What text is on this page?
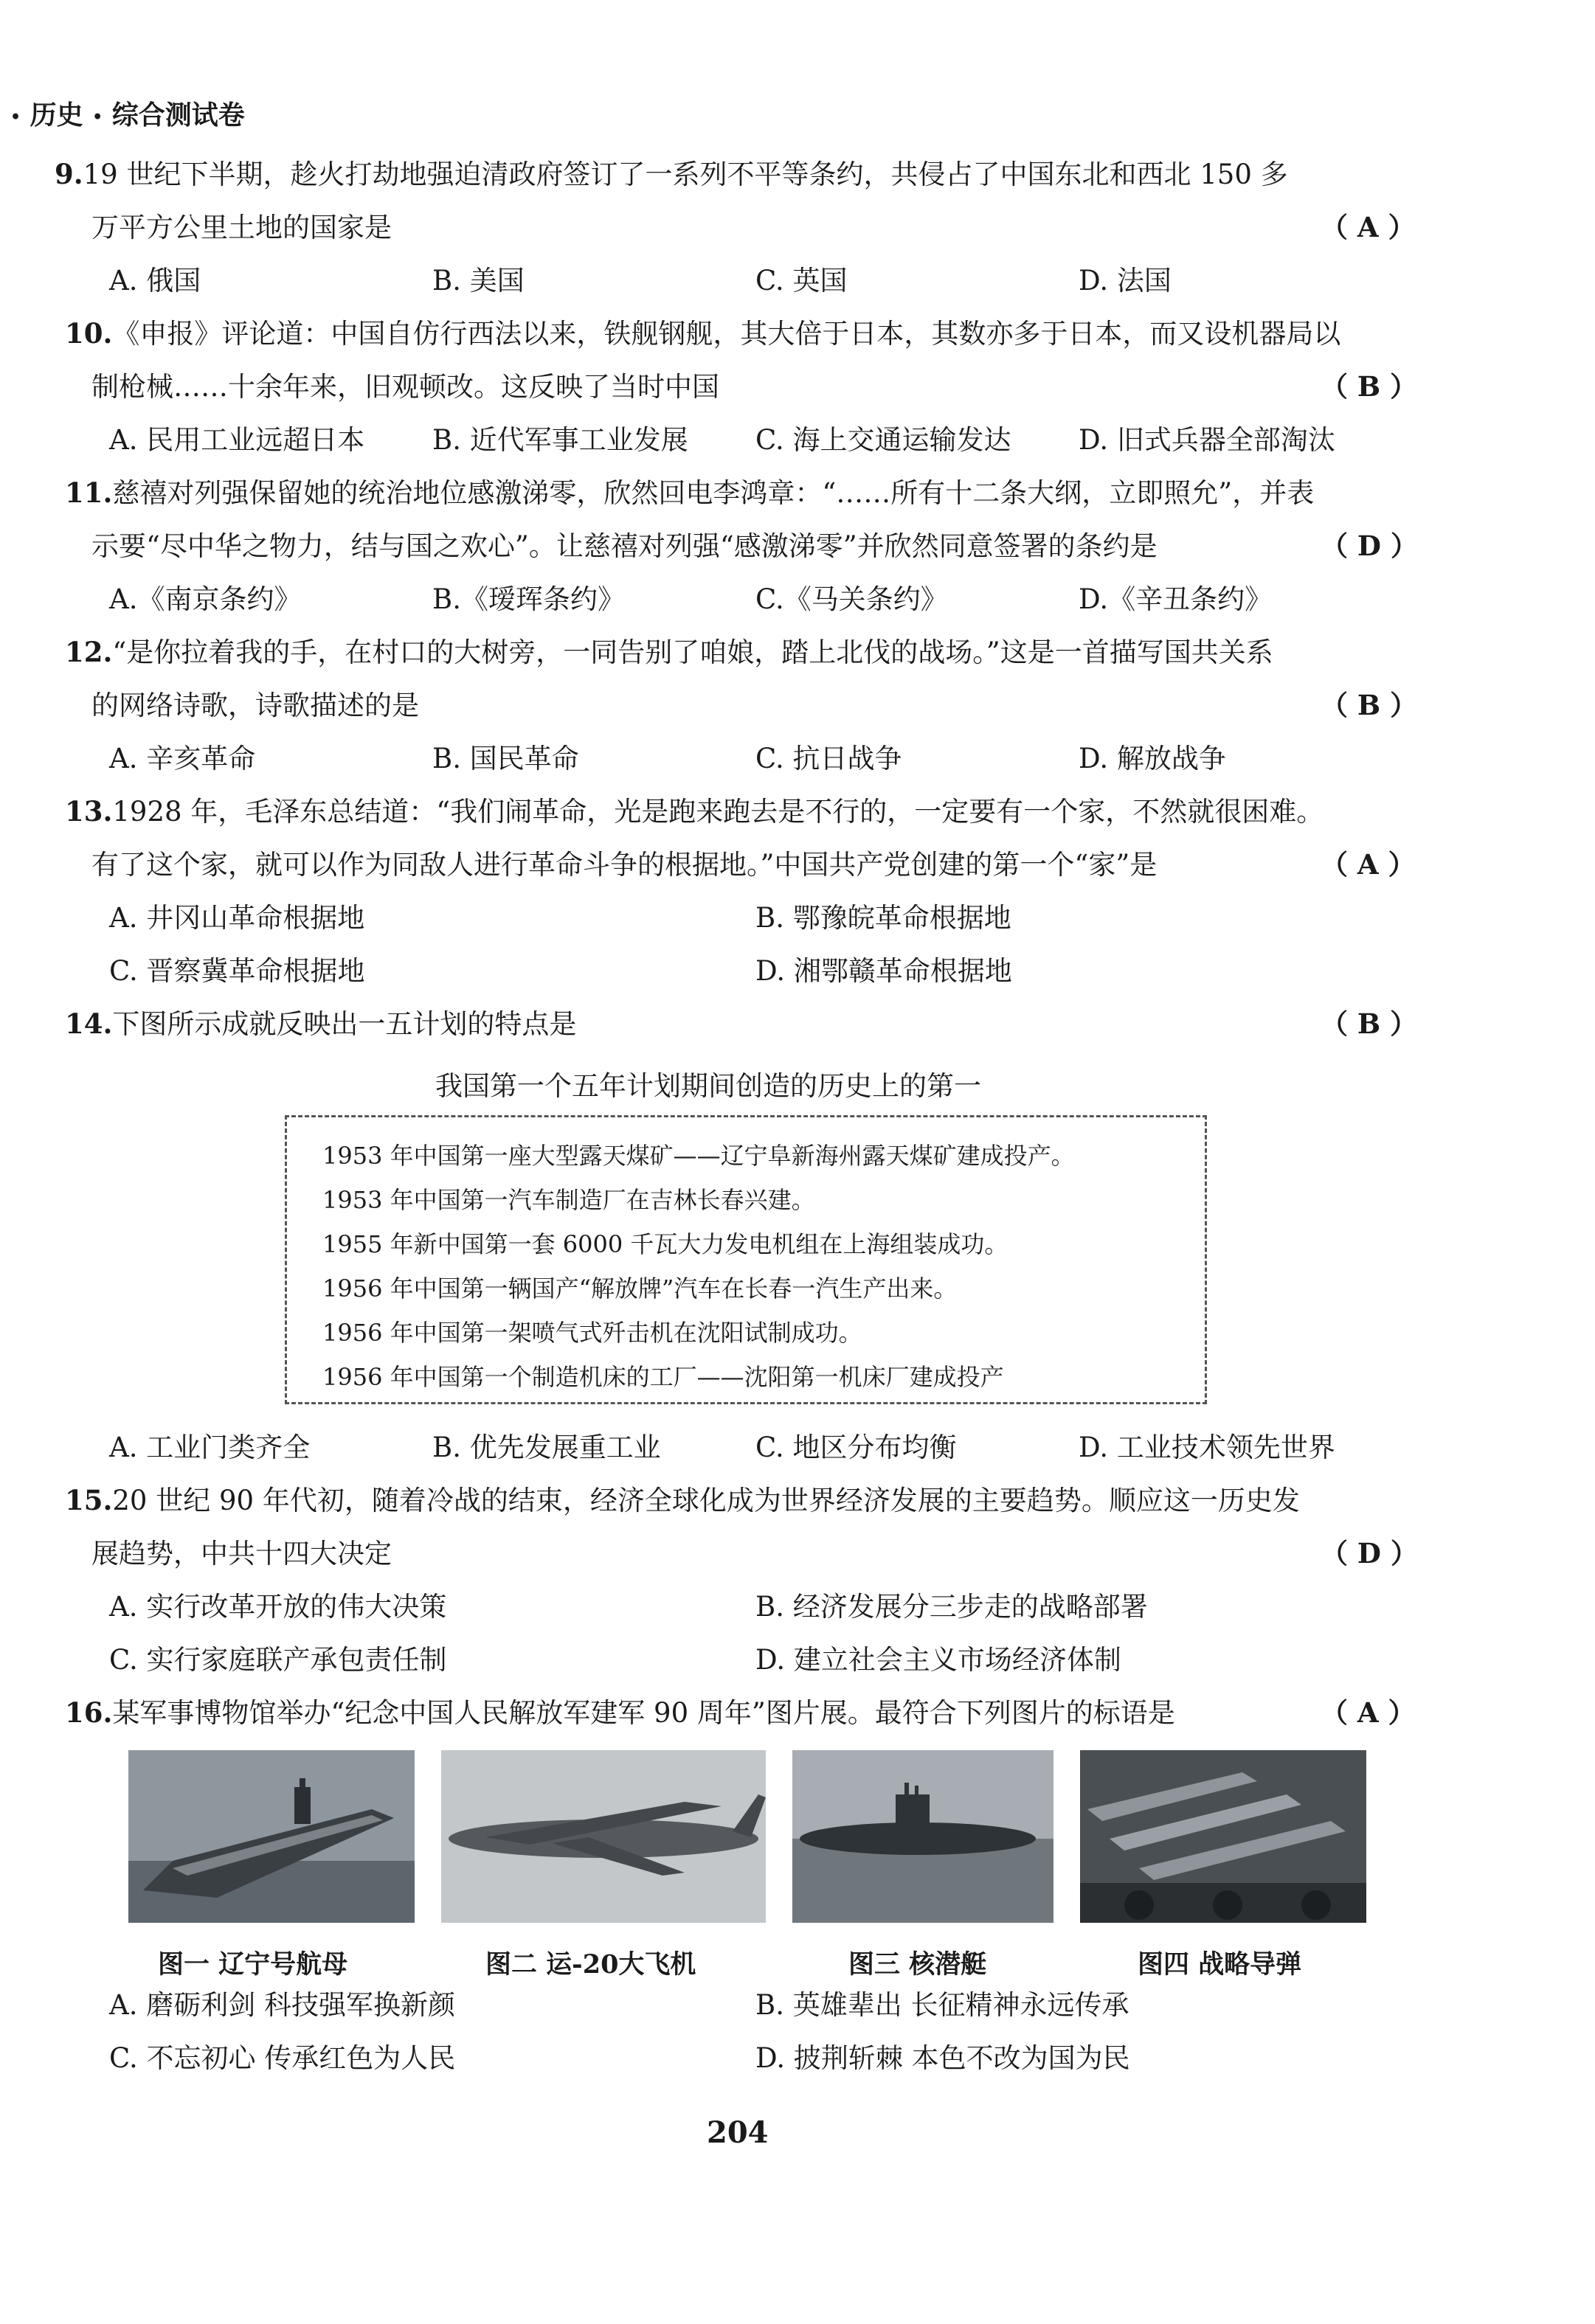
• 历史 • 综合测试卷
9.19 世纪下半期，趁火打劫地强迫清政府签订了一系列不平等条约，共侵占了中国东北和西北 150 多
万平方公里土地的国家是	（ A ）
A. 俄国	B. 美国	C. 英国	D. 法国
10.《申报》评论道：中国自仿行西法以来，铁舰钢舰，其大倍于日本，其数亦多于日本，而又设机器局以
制枪械……十余年来，旧观顿改。这反映了当时中国	（ B ）
A. 民用工业远超日本 B. 近代军事工业发展 C. 海上交通运输发达 D. 旧式兵器全部淘汰
11.慈禧对列强保留她的统治地位感激涕零，欣然回电李鸿章：“……所有十二条大纲，立即照允”，并表
示要“尽中华之物力，结与国之欢心”。让慈禧对列强“感激涕零”并欣然同意签署的条约是	（ D ）
A.《南京条约》	B.《瑷珲条约》	C.《马关条约》	D.《辛丑条约》
12.“是你拉着我的手，在村口的大树旁，一同告别了咱娘，踏上北伐的战场。”这是一首描写国共关系
的网络诗歌，诗歌描述的是	（ B ）
A. 辛亥革命	B. 国民革命	C. 抗日战争	D. 解放战争
13.1928 年，毛泽东总结道：“我们闹革命，光是跑来跑去是不行的，一定要有一个家，不然就很困难。
有了这个家，就可以作为同敌人进行革命斗争的根据地。”中国共产党创建的第一个“家”是	（ A ）
A. 井冈山革命根据地	B. 鄂豫皖革命根据地
C. 晋察冀革命根据地	D. 湘鄂赣革命根据地
14.下图所示成就反映出一五计划的特点是	（ B ）
我国第一个五年计划期间创造的历史上的第一
1953 年中国第一座大型露天煤矿——辽宁阜新海州露天煤矿建成投产。
1953 年中国第一汽车制造厂在吉林长春兴建。
1955 年新中国第一套 6000 千瓦大力发电机组在上海组装成功。
1956 年中国第一辆国产“解放牌”汽车在长春一汽生产出来。
1956 年中国第一架喷气式歼击机在沈阳试制成功。
1956 年中国第一个制造机床的工厂——沈阳第一机床厂建成投产
A. 工业门类齐全	B. 优先发展重工业	C. 地区分布均衡	D. 工业技术领先世界
15.20 世纪 90 年代初，随着冷战的结束，经济全球化成为世界经济发展的主要趋势。顺应这一历史发
展趋势，中共十四大决定	（ D ）
A. 实行改革开放的伟大决策	B. 经济发展分三步走的战略部署
C. 实行家庭联产承包责任制	D. 建立社会主义市场经济体制
16.某军事博物馆举办“纪念中国人民解放军建军 90 周年”图片展。最符合下列图片的标语是	（ A ）
图一 辽宁号航母	图二 运-20大飞机	图三 核潜艇	图四 战略导弹
A. 磨砺利剑 科技强军换新颜	B. 英雄辈出 长征精神永远传承
C. 不忘初心 传承红色为人民	D. 披荆斩棘 本色不改为国为民
204
